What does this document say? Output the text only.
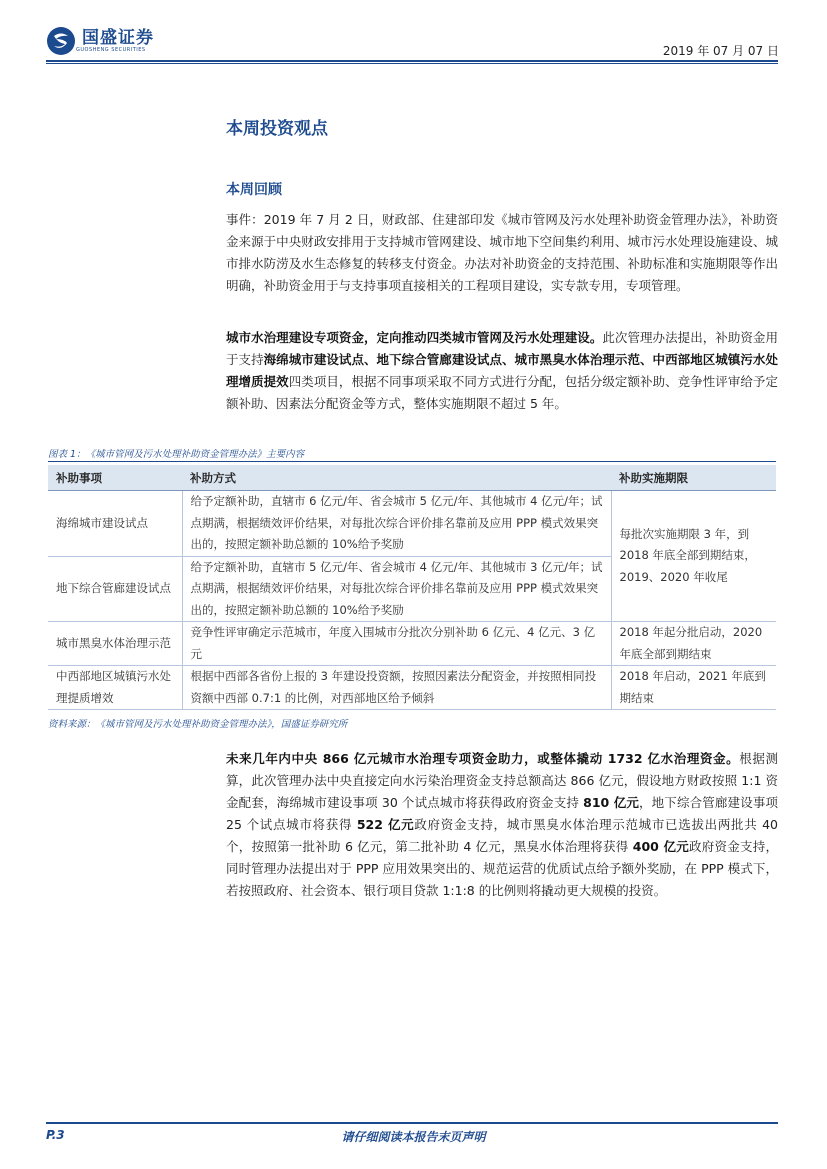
国盛证券
GUOSHENG SECURITIES	2019 年 07 月 07 日
本周投资观点
本周回顾
事件：2019 年 7 月 2 日，财政部、住建部印发《城市管网及污水处理补助资金管理办法》，补助资金来源于中央财政安排用于支持城市管网建设、城市地下空间集约利用、城市污水处理设施建设、城市排水防涝及水生态修复的转移支付资金。办法对补助资金的支持范围、补助标准和实施期限等作出明确，补助资金用于与支持事项直接相关的工程项目建设，实专款专用，专项管理。
城市水治理建设专项资金，定向推动四类城市管网及污水处理建设。此次管理办法提出，补助资金用于支持海绵城市建设试点、地下综合管廊建设试点、城市黑臭水体治理示范、中西部地区城镇污水处理增质提效四类项目，根据不同事项采取不同方式进行分配，包括分级定额补助、竞争性评审给予定额补助、因素法分配资金等方式，整体实施期限不超过 5 年。
图表 1：《城市管网及污水处理补助资金管理办法》主要内容
补助事项	补助方式	补助实施期限
海绵城市建设试点	给予定额补助，直辖市 6 亿元/年、省会城市 5 亿元/年、其他城市 4 亿元/年；试点期满，根据绩效评价结果，对每批次综合评价排名靠前及应用 PPP 模式效果突出的，按照定额补助总额的 10%给予奖励	每批次实施期限 3 年，到 2018 年底全部到期结束，2019、2020 年收尾
地下综合管廊建设试点	给予定额补助，直辖市 5 亿元/年、省会城市 4 亿元/年、其他城市 3 亿元/年；试点期满，根据绩效评价结果，对每批次综合评价排名靠前及应用 PPP 模式效果突出的，按照定额补助总额的 10%给予奖励	
城市黑臭水体治理示范	竞争性评审确定示范城市，年度入围城市分批次分别补助 6 亿元、4 亿元、3 亿元	2018 年起分批启动，2020 年底全部到期结束
中西部地区城镇污水处理提质增效	根据中西部各省份上报的 3 年建设投资额，按照因素法分配资金，并按照相同投资额中西部 0.7:1 的比例，对西部地区给予倾斜	2018 年启动，2021 年底到期结束
资料来源：《城市管网及污水处理补助资金管理办法》，国盛证券研究所
未来几年内中央 866 亿元城市水治理专项资金助力，或整体撬动 1732 亿水治理资金。根据测算，此次管理办法中央直接定向水污染治理资金支持总额高达 866 亿元，假设地方财政按照 1:1 资金配套，海绵城市建设事项 30 个试点城市将获得政府资金支持 810 亿元，地下综合管廊建设事项 25 个试点城市将获得 522 亿元政府资金支持，城市黑臭水体治理示范城市已选拔出两批共 40 个，按照第一批补助 6 亿元，第二批补助 4 亿元，黑臭水体治理将获得 400 亿元政府资金支持，同时管理办法提出对于 PPP 应用效果突出的、规范运营的优质试点给予额外奖励，在 PPP 模式下，若按照政府、社会资本、银行项目贷款 1:1:8 的比例则将撬动更大规模的投资。
P.3	请仔细阅读本报告末页声明
